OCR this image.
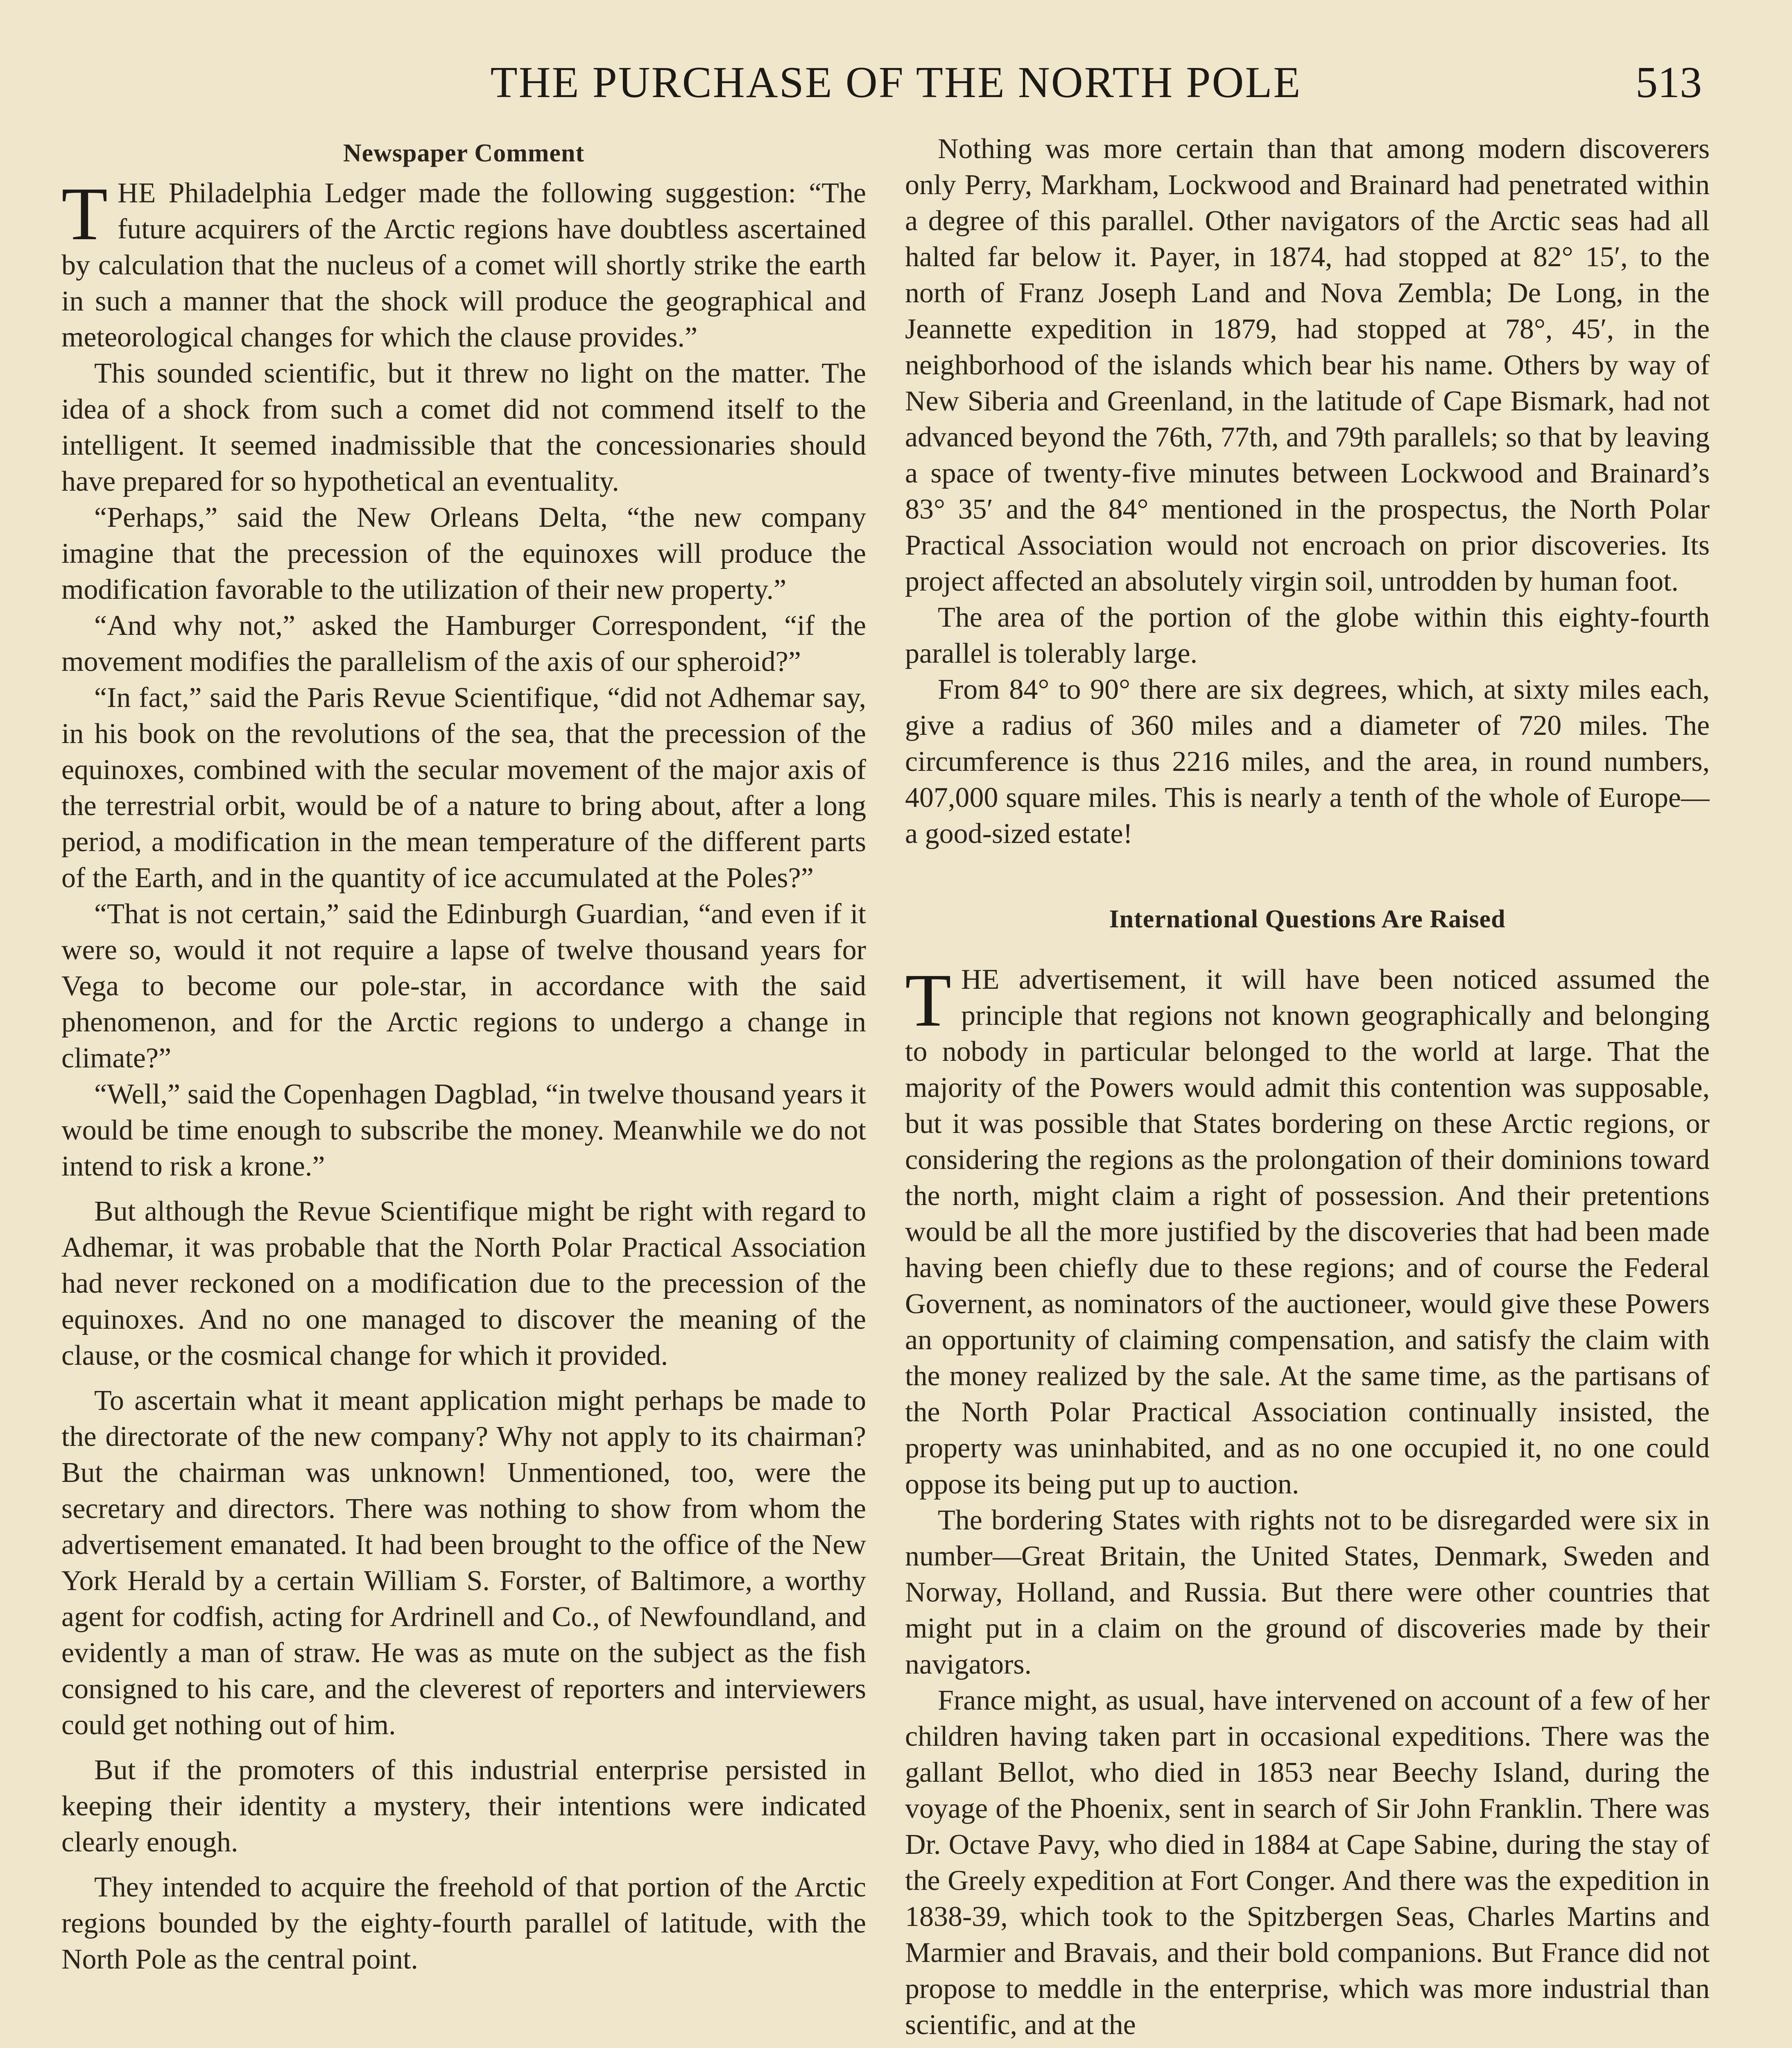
THE PURCHASE OF THE NORTH POLE	513
Newspaper Comment

THE Philadelphia Ledger made the following suggestion: “The future acquirers of the Arctic regions have doubtless ascertained by calculation that the nucleus of a comet will shortly strike the earth in such a manner that the shock will produce the geographical and meteorological changes for which the clause provides.”

This sounded scientific, but it threw no light on the matter. The idea of a shock from such a comet did not commend itself to the intelligent. It seemed inadmissible that the concessionaries should have prepared for so hypothetical an eventuality.

“Perhaps,” said the New Orleans Delta, “the new company imagine that the precession of the equinoxes will produce the modification favorable to the utilization of their new property.”

“And why not,” asked the Hamburger Correspondent, “if the movement modifies the parallelism of the axis of our spheroid?”

“In fact,” said the Paris Revue Scientifique, “did not Adhemar say, in his book on the revolutions of the sea, that the precession of the equinoxes, combined with the secular movement of the major axis of the terrestrial orbit, would be of a nature to bring about, after a long period, a modification in the mean temperature of the different parts of the Earth, and in the quantity of ice accumulated at the Poles?”

“That is not certain,” said the Edinburgh Guardian, “and even if it were so, would it not require a lapse of twelve thousand years for Vega to become our pole-star, in accordance with the said phenomenon, and for the Arctic regions to undergo a change in climate?”

“Well,” said the Copenhagen Dagblad, “in twelve thousand years it would be time enough to subscribe the money. Meanwhile we do not intend to risk a krone.”

But although the Revue Scientifique might be right with regard to Adhemar, it was probable that the North Polar Practical Association had never reckoned on a modification due to the precession of the equinoxes. And no one managed to discover the meaning of the clause, or the cosmical change for which it provided.

To ascertain what it meant application might perhaps be made to the directorate of the new company? Why not apply to its chairman? But the chairman was unknown! Unmentioned, too, were the secretary and directors. There was nothing to show from whom the advertisement emanated. It had been brought to the office of the New York Herald by a certain William S. Forster, of Baltimore, a worthy agent for codfish, acting for Ardrinell and Co., of Newfoundland, and evidently a man of straw. He was as mute on the subject as the fish consigned to his care, and the cleverest of reporters and interviewers could get nothing out of him.

But if the promoters of this industrial enterprise persisted in keeping their identity a mystery, their intentions were indicated clearly enough.

They intended to acquire the freehold of that portion of the Arctic regions bounded by the eighty-fourth parallel of latitude, with the North Pole as the central point.

Nothing was more certain than that among modern discoverers only Perry, Markham, Lockwood and Brainard had penetrated within a degree of this parallel. Other navigators of the Arctic seas had all halted far below it. Payer, in 1874, had stopped at 82° 15′, to the north of Franz Joseph Land and Nova Zembla; De Long, in the Jeannette expedition in 1879, had stopped at 78°, 45′, in the neighborhood of the islands which bear his name. Others by way of New Siberia and Greenland, in the latitude of Cape Bismark, had not advanced beyond the 76th, 77th, and 79th parallels; so that by leaving a space of twenty-five minutes between Lockwood and Brainard’s 83° 35′ and the 84° mentioned in the prospectus, the North Polar Practical Association would not encroach on prior discoveries. Its project affected an absolutely virgin soil, untrodden by human foot.

The area of the portion of the globe within this eighty-fourth parallel is tolerably large.

From 84° to 90° there are six degrees, which, at sixty miles each, give a radius of 360 miles and a diameter of 720 miles. The circumference is thus 2216 miles, and the area, in round numbers, 407,000 square miles. This is nearly a tenth of the whole of Europe—a good-sized estate!

International Questions Are Raised

THE advertisement, it will have been noticed assumed the principle that regions not known geographically and belonging to nobody in particular belonged to the world at large. That the majority of the Powers would admit this contention was supposable, but it was possible that States bordering on these Arctic regions, or considering the regions as the prolongation of their dominions toward the north, might claim a right of possession. And their pretentions would be all the more justified by the discoveries that had been made having been chiefly due to these regions; and of course the Federal Governent, as nominators of the auctioneer, would give these Powers an opportunity of claiming compensation, and satisfy the claim with the money realized by the sale. At the same time, as the partisans of the North Polar Practical Association continually insisted, the property was uninhabited, and as no one occupied it, no one could oppose its being put up to auction.

The bordering States with rights not to be disregarded were six in number—Great Britain, the United States, Denmark, Sweden and Norway, Holland, and Russia. But there were other countries that might put in a claim on the ground of discoveries made by their navigators.

France might, as usual, have intervened on account of a few of her children having taken part in occasional expeditions. There was the gallant Bellot, who died in 1853 near Beechy Island, during the voyage of the Phoenix, sent in search of Sir John Franklin. There was Dr. Octave Pavy, who died in 1884 at Cape Sabine, during the stay of the Greely expedition at Fort Conger. And there was the expedition in 1838-39, which took to the Spitzbergen Seas, Charles Martins and Marmier and Bravais, and their bold companions. But France did not propose to meddle in the enterprise, which was more industrial than scientific, and at the
